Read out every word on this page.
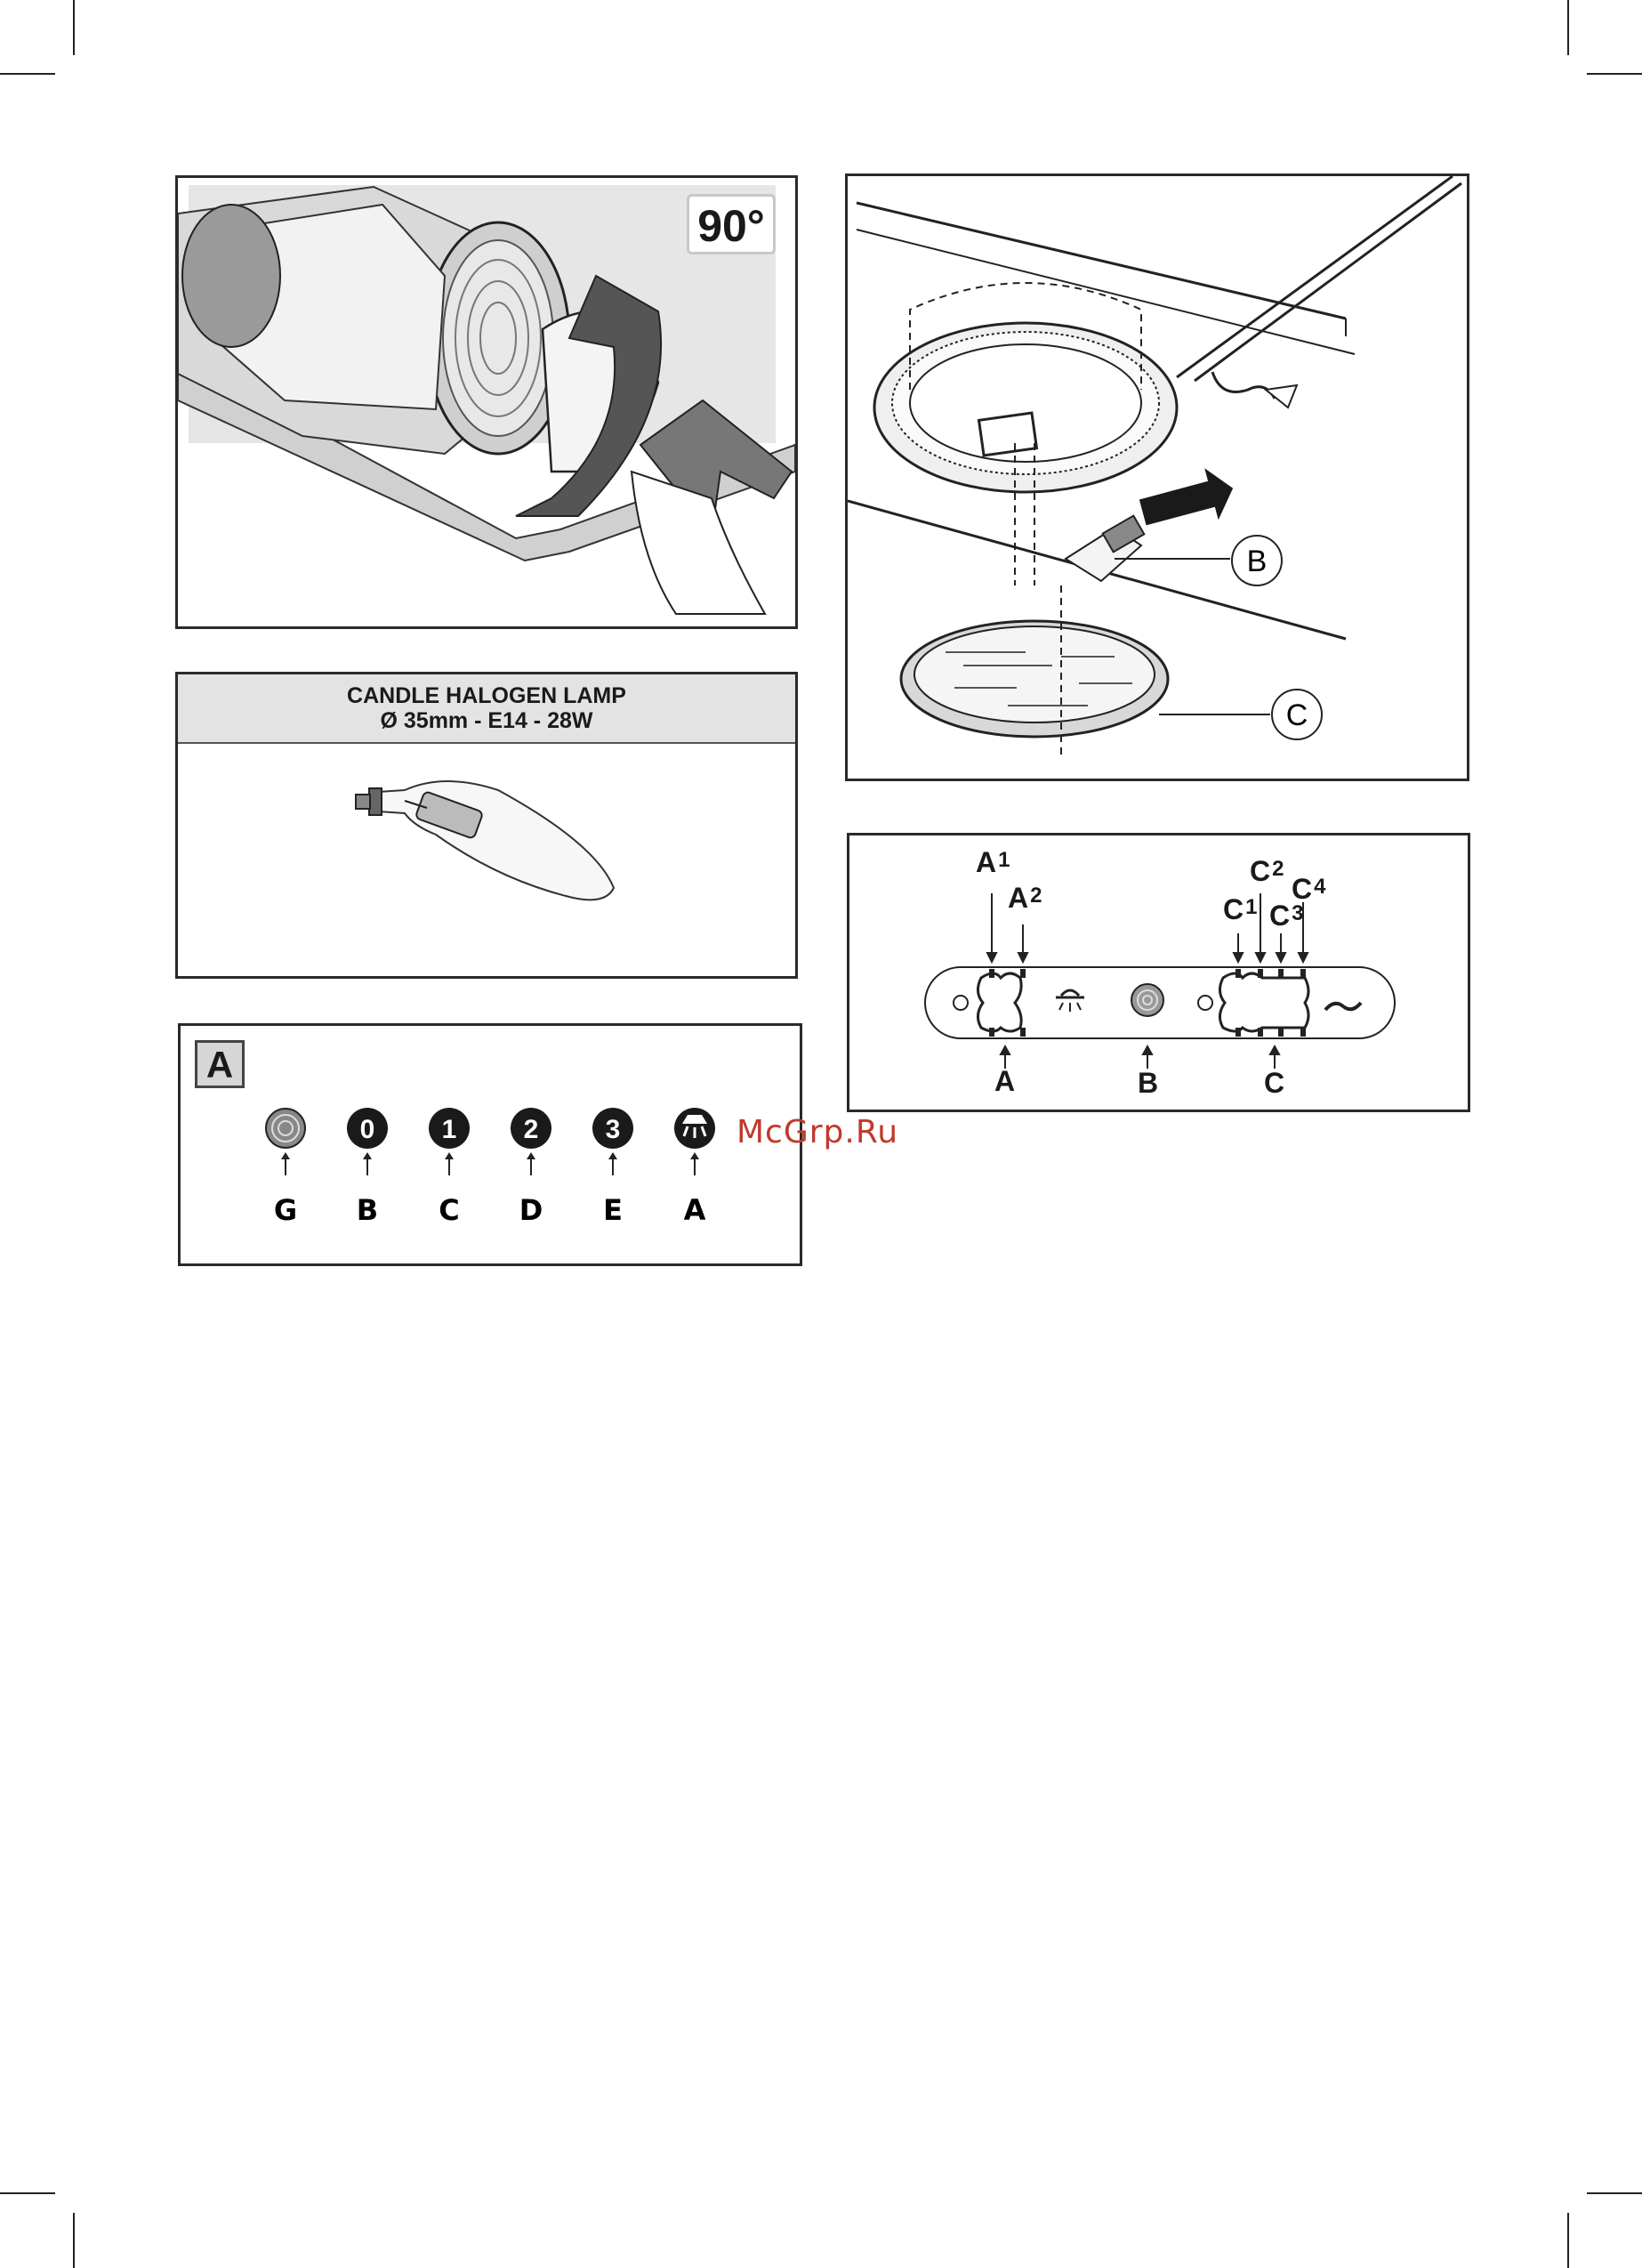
90°
CANDLE HALOGEN LAMP
Ø 35mm - E14 - 28W
A
0	1	2	3
G B C D E A
B
C
$A_1$
$A_2$	$C_1$
$C_2$
$C_3$
$C_4$
A	B	C
McGrp.Ru
